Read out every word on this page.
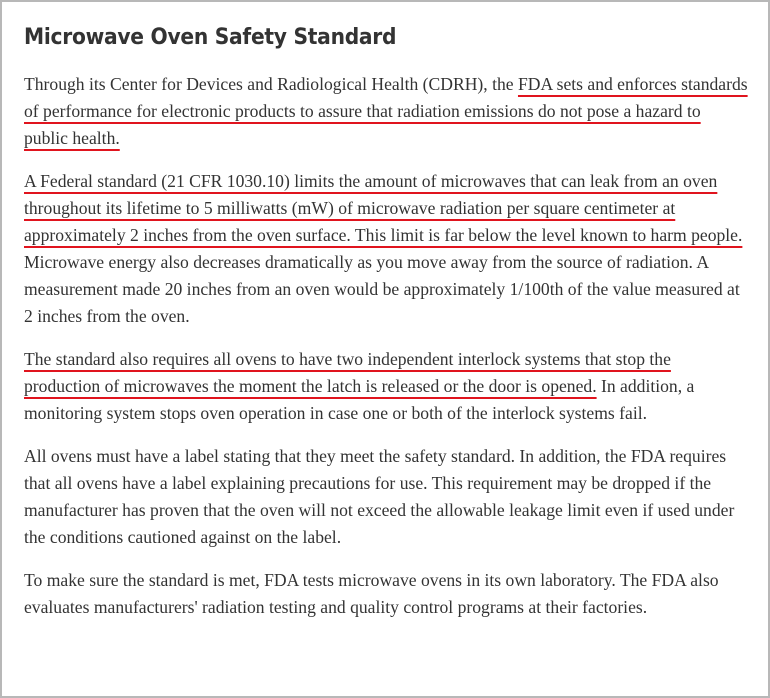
Microwave Oven Safety Standard

Through its Center for Devices and Radiological Health (CDRH), the FDA sets and enforces standards of performance for electronic products to assure that radiation emissions do not pose a hazard to public health.

A Federal standard (21 CFR 1030.10) limits the amount of microwaves that can leak from an oven throughout its lifetime to 5 milliwatts (mW) of microwave radiation per square centimeter at approximately 2 inches from the oven surface. This limit is far below the level known to harm people. Microwave energy also decreases dramatically as you move away from the source of radiation. A measurement made 20 inches from an oven would be approximately 1/100th of the value measured at 2 inches from the oven.

The standard also requires all ovens to have two independent interlock systems that stop the production of microwaves the moment the latch is released or the door is opened. In addition, a monitoring system stops oven operation in case one or both of the interlock systems fail.

All ovens must have a label stating that they meet the safety standard. In addition, the FDA requires that all ovens have a label explaining precautions for use. This requirement may be dropped if the manufacturer has proven that the oven will not exceed the allowable leakage limit even if used under the conditions cautioned against on the label.

To make sure the standard is met, FDA tests microwave ovens in its own laboratory. The FDA also evaluates manufacturers' radiation testing and quality control programs at their factories.
